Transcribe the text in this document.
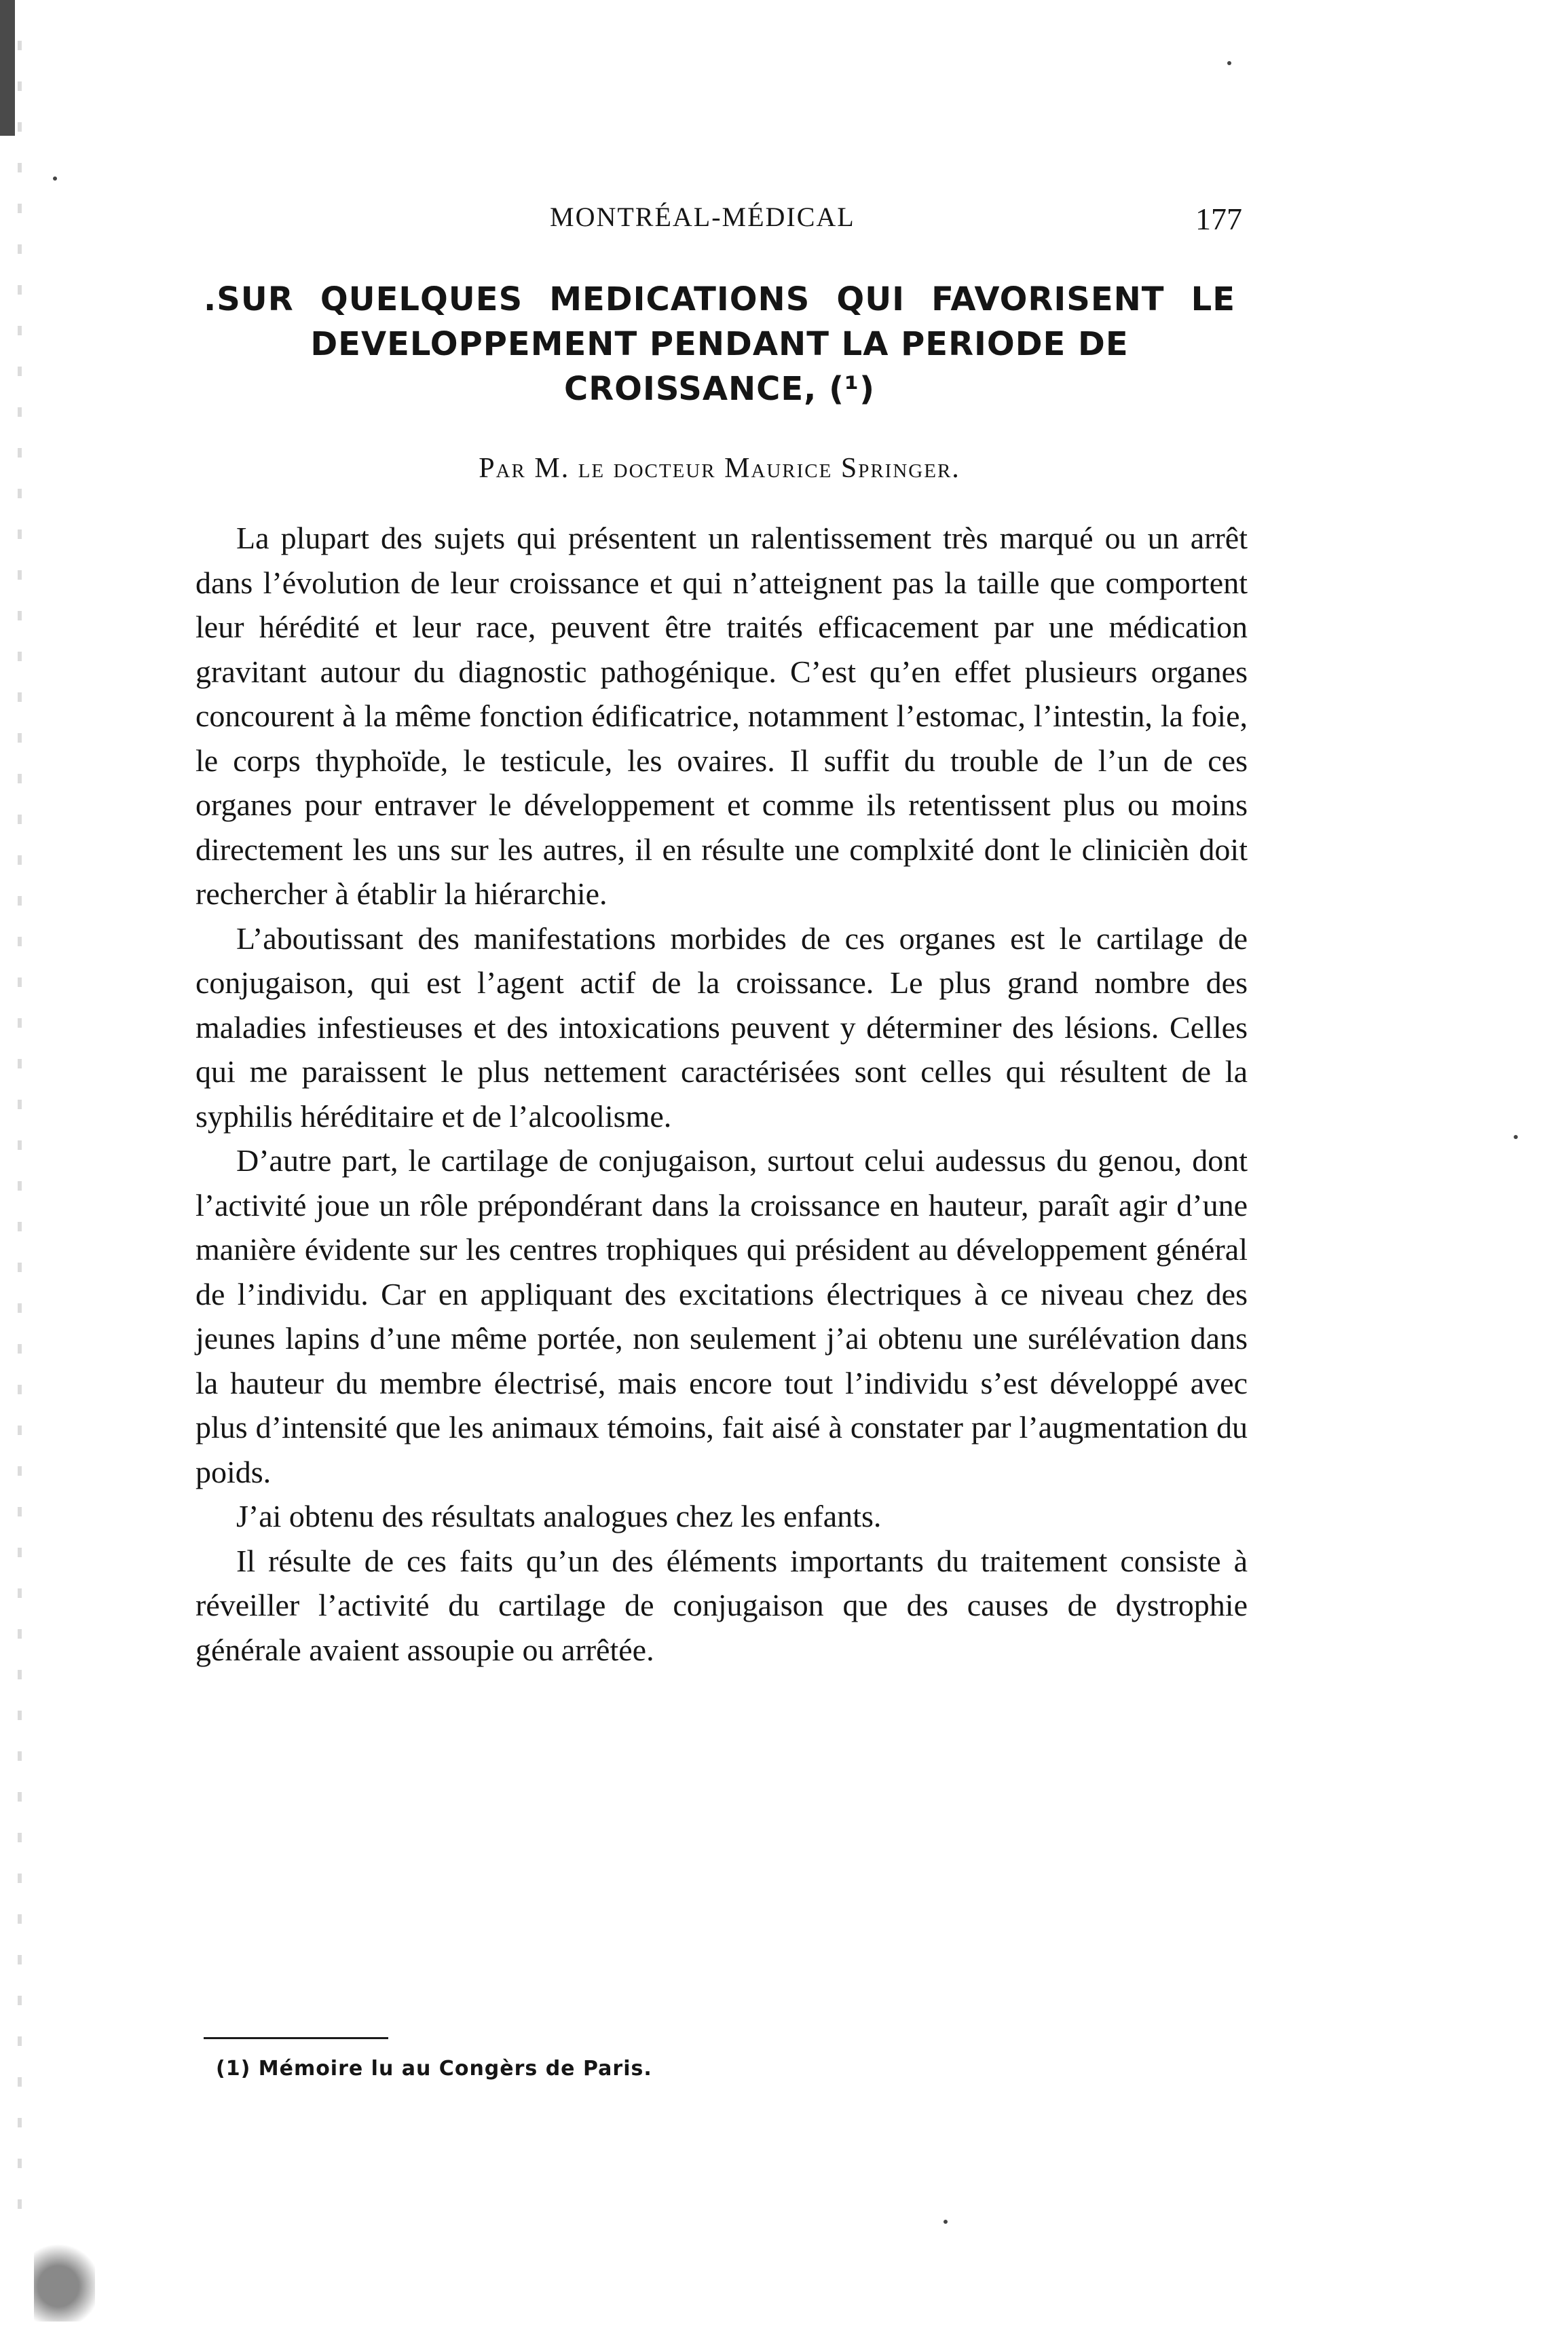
MONTRÉAL-MÉDICAL	177
.SUR QUELQUES MEDICATIONS QUI FAVORISENT LE
DEVELOPPEMENT PENDANT LA PERIODE DE
CROISSANCE, (¹)
Par M. le docteur Maurice Springer.

La plupart des sujets qui présentent un ralentissement très marqué ou un arrêt dans l’évolution de leur croissance et qui n’atteignent pas la taille que comportent leur hérédité et leur race, peuvent être traités efficacement par une médication gravitant autour du diagnostic pathogénique. C’est qu’en effet plusieurs organes concourent à la même fonction édificatrice, notamment l’estomac, l’intestin, la foie, le corps thyphoïde, le testicule, les ovaires. Il suffit du trouble de l’un de ces organes pour entraver le développement et comme ils retentissent plus ou moins directement les uns sur les autres, il en résulte une complxité dont le clinicièn doit rechercher à établir la hiérarchie.

L’aboutissant des manifestations morbides de ces organes est le cartilage de conjugaison, qui est l’agent actif de la croissance. Le plus grand nombre des maladies infestieuses et des intoxications peuvent y déterminer des lésions. Celles qui me paraissent le plus nettement caractérisées sont celles qui résultent de la syphilis héréditaire et de l’alcoolisme.

D’autre part, le cartilage de conjugaison, surtout celui audessus du genou, dont l’activité joue un rôle prépondérant dans la croissance en hauteur, paraît agir d’une manière évidente sur les centres trophiques qui président au développement général de l’individu. Car en appliquant des excitations électriques à ce niveau chez des jeunes lapins d’une même portée, non seulement j’ai obtenu une surélévation dans la hauteur du membre électrisé, mais encore tout l’individu s’est développé avec plus d’intensité que les animaux témoins, fait aisé à constater par l’augmentation du poids.

J’ai obtenu des résultats analogues chez les enfants.

Il résulte de ces faits qu’un des éléments importants du traitement consiste à réveiller l’activité du cartilage de conjugaison que des causes de dystrophie générale avaient assoupie ou arrêtée.

(1) Mémoire lu au Congèrs de Paris.
